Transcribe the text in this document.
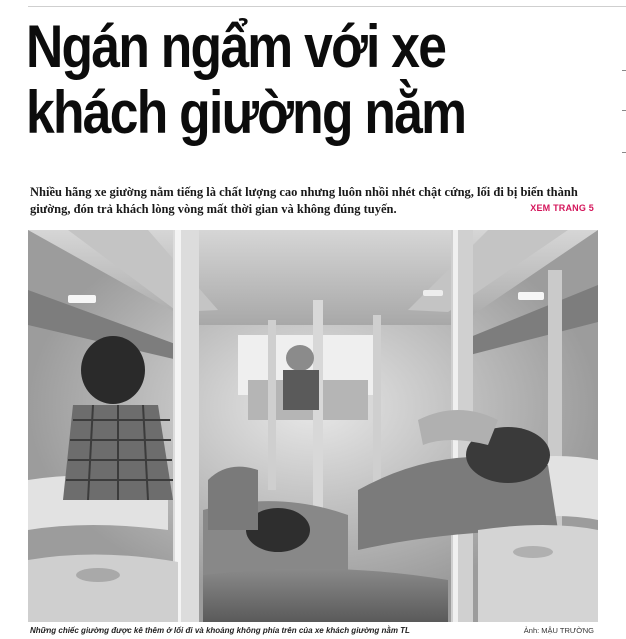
Ngán ngẩm với xe
khách giường nằm
Nhiều hãng xe giường nằm tiếng là chất lượng cao nhưng luôn nhồi nhét chật cứng, lối đi bị biến thành giường, đón trả khách lòng vòng mất thời gian và không đúng tuyến.	XEM TRANG 5
Những chiếc giường được kê thêm ở lối đi và khoảng không phía trên của xe khách giường nằm TL	Ảnh: MẬU TRƯỜNG
